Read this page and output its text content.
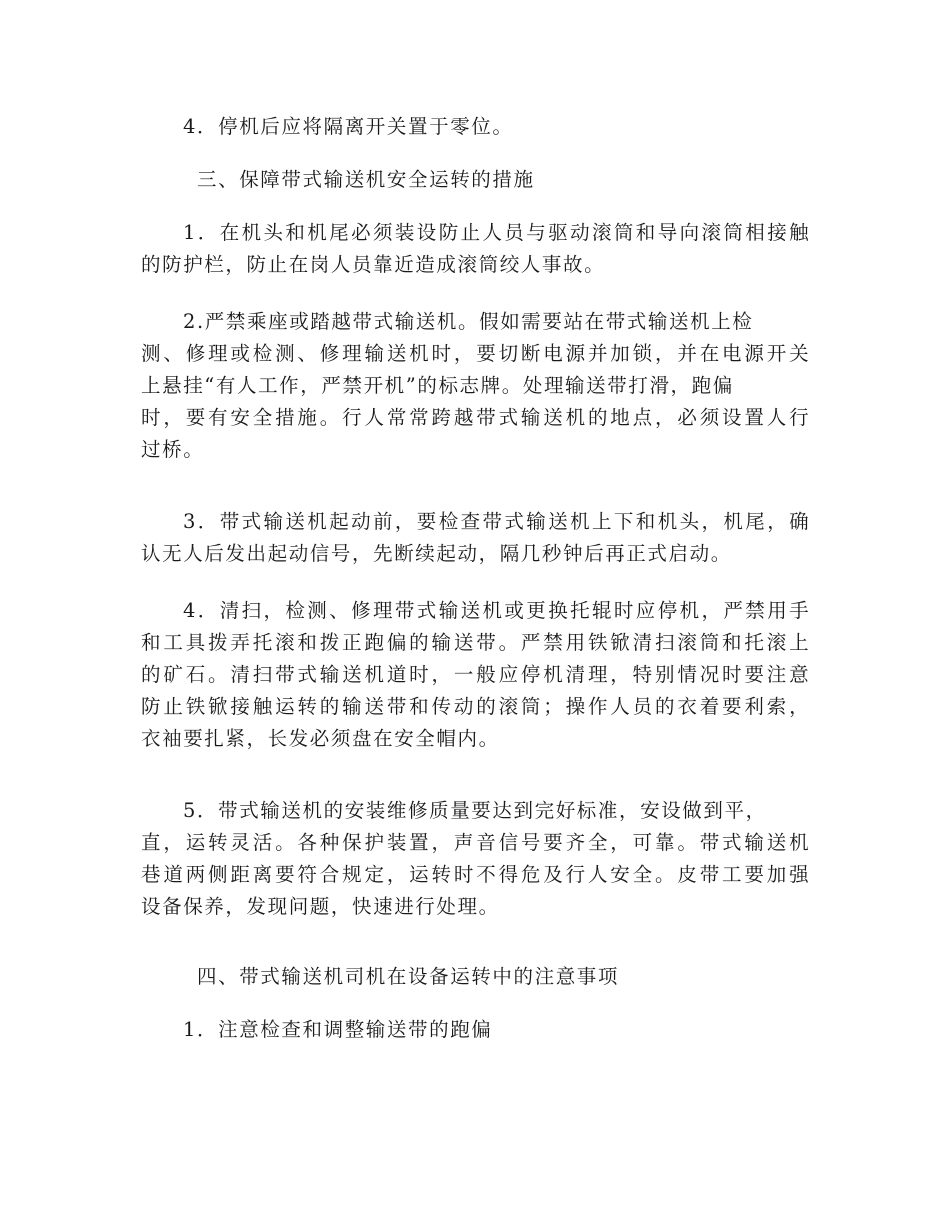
4．停机后应将隔离开关置于零位。
三、保障带式输送机安全运转的措施
1．在机头和机尾必须装设防止人员与驱动滚筒和导向滚筒相接触
的防护栏，防止在岗人员靠近造成滚筒绞人事故。
2.严禁乘座或踏越带式输送机。假如需要站在带式输送机上检
测、修理或检测、修理输送机时，要切断电源并加锁，并在电源开关
上悬挂“有人工作，严禁开机”的标志牌。处理输送带打滑，跑偏
时，要有安全措施。行人常常跨越带式输送机的地点，必须设置人行
过桥。
3．带式输送机起动前，要检查带式输送机上下和机头，机尾，确
认无人后发出起动信号，先断续起动，隔几秒钟后再正式启动。
4．清扫，检测、修理带式输送机或更换托辊时应停机，严禁用手
和工具拨弄托滚和拨正跑偏的输送带。严禁用铁锨清扫滚筒和托滚上
的矿石。清扫带式输送机道时，一般应停机清理，特别情况时要注意
防止铁锨接触运转的输送带和传动的滚筒；操作人员的衣着要利索，
衣袖要扎紧，长发必须盘在安全帽内。
5．带式输送机的安装维修质量要达到完好标准，安设做到平，
直，运转灵活。各种保护装置，声音信号要齐全，可靠。带式输送机
巷道两侧距离要符合规定，运转时不得危及行人安全。皮带工要加强
设备保养，发现问题，快速进行处理。
四、带式输送机司机在设备运转中的注意事项
1．注意检查和调整输送带的跑偏
